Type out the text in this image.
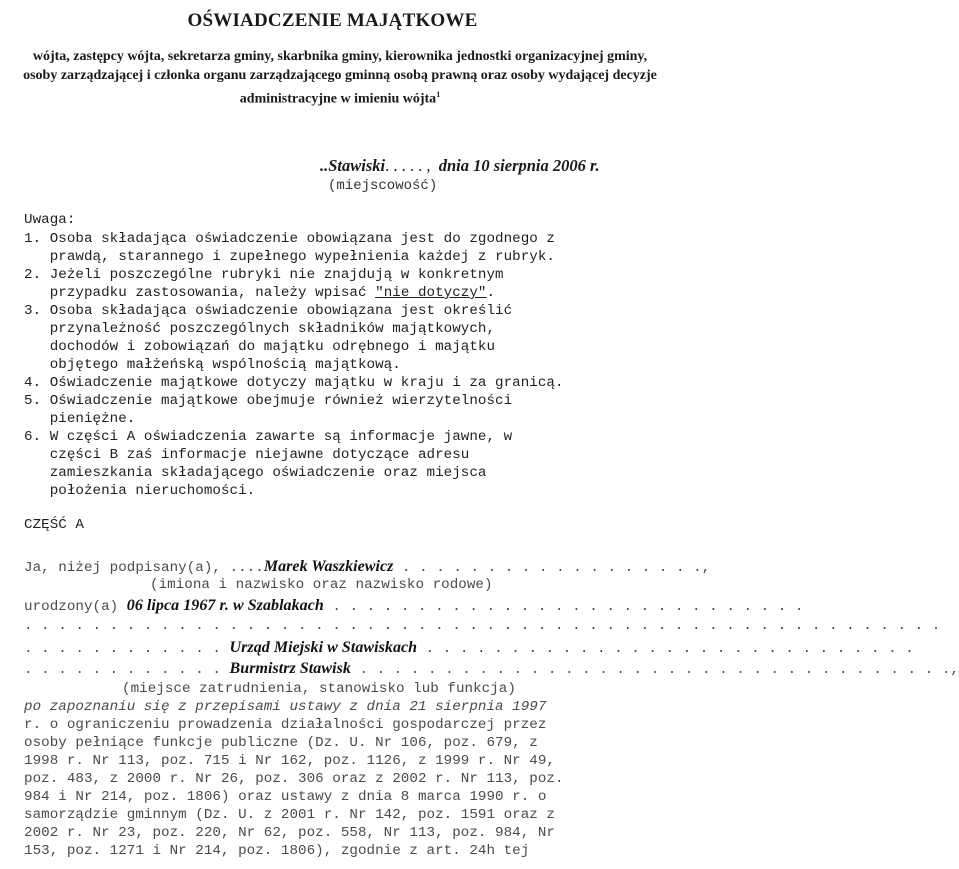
OŚWIADCZENIE MAJĄTKOWE
wójta, zastępcy wójta, sekretarza gminy, skarbnika gminy, kierownika jednostki organizacyjnej gminy, osoby zarządzającej i członka organu zarządzającego gminną osobą prawną oraz osoby wydającej decyzje administracyjne w imieniu wójta$^1$
..Stawiski. . . . . , dnia 10 sierpnia 2006 r.
(miejscowość)
Uwaga:
1. Osoba składająca oświadczenie obowiązana jest do zgodnego z
prawdą, starannego i zupełnego wypełnienia każdej z rubryk.
2. Jeżeli poszczególne rubryki nie znajdują w konkretnym
przypadku zastosowania, należy wpisać "nie dotyczy".
3. Osoba składająca oświadczenie obowiązana jest określić
przynależność poszczególnych składników majątkowych,
dochodów i zobowiązań do majątku odrębnego i majątku
objętego małżeńską wspólnością majątkową.
4. Oświadczenie majątkowe dotyczy majątku w kraju i za granicą.
5. Oświadczenie majątkowe obejmuje również wierzytelności
pieniężne.
6. W części A oświadczenia zawarte są informacje jawne, w
części B zaś informacje niejawne dotyczące adresu
zamieszkania składającego oświadczenie oraz miejsca
położenia nieruchomości.
CZĘŚĆ A
Ja, niżej podpisany(a), ....Marek Waszkiewicz . . . . . . . . . . . . . . . . . .,
(imiona i nazwisko oraz nazwisko rodowe)
urodzony(a) 06 lipca 1967 r. w Szablakach . . . . . . . . . . . . . . . . . . . . . . . . . . . .
. . . . . . . . . . . . . . . . . . . . . . . . . . . . . . . . . . . . . . . . . . . . . . . . . . . . . .
. . . . . . . . . . . . Urząd Miejski w Stawiskach . . . . . . . . . . . . . . . . . . . . . . . . . . . . .
. . . . . . . . . . . . Burmistrz Stawisk . . . . . . . . . . . . . . . . . . . . . . . . . . . . . . . . . . .,
(miejsce zatrudnienia, stanowisko lub funkcja)
po zapoznaniu się z przepisami ustawy z dnia 21 sierpnia 1997
r. o ograniczeniu prowadzenia działalności gospodarczej przez
osoby pełniące funkcje publiczne (Dz. U. Nr 106, poz. 679, z
1998 r. Nr 113, poz. 715 i Nr 162, poz. 1126, z 1999 r. Nr 49,
poz. 483, z 2000 r. Nr 26, poz. 306 oraz z 2002 r. Nr 113, poz.
984 i Nr 214, poz. 1806) oraz ustawy z dnia 8 marca 1990 r. o
samorządzie gminnym (Dz. U. z 2001 r. Nr 142, poz. 1591 oraz z
2002 r. Nr 23, poz. 220, Nr 62, poz. 558, Nr 113, poz. 984, Nr
153, poz. 1271 i Nr 214, poz. 1806), zgodnie z art. 24h tej
